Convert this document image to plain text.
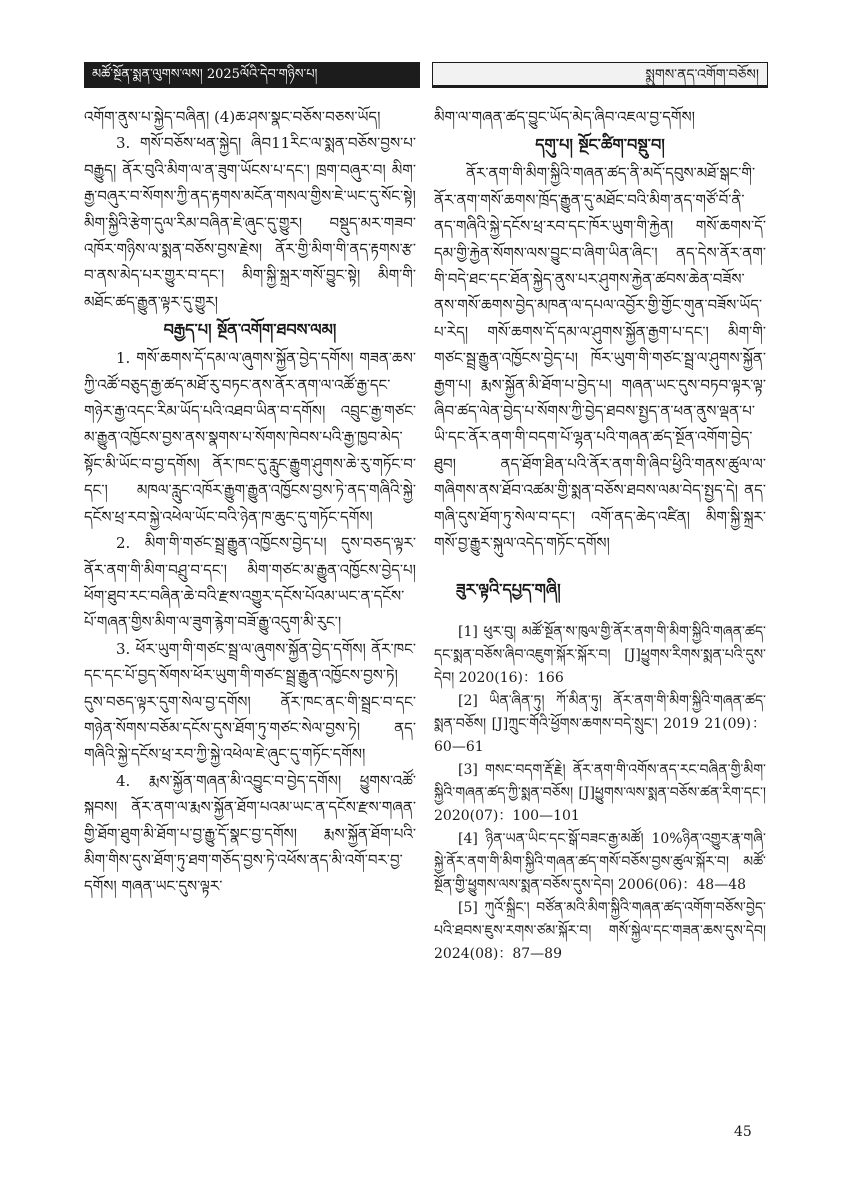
མཚོ་སྔོན་སྨན་ལུགས་ལས། 2025ལོའི་དེབ་གཉིས་པ།	སྨུགས་ནད་འགོག་བཅོས།

འགོག་ནུས་པ་སྐྱེད་བཞིན། (4)ཆ་ཤས་སྣང་བཅོས་བཅས་ཡོད།

3. གསོ་བཅོས་ཕན་སྐྱེད། ཞིབ11རིང་ལ་སྨན་བཅོས་བྱས་པ་བརྒྱུད། ནོར་བུའི་མིག་ལ་ན་ཟུག་ཡོངས་པ་དང་། ཁྲག་བཞུར་བ། མིག་རྒྱ་བཞུར་བ་སོགས་ཀྱི་ནད་རྟགས་མངོན་གསལ་གྱིས་ཇེ་ཡང་དུ་སོང་སྟེ། མིག་སྐྱིའི་རྩེག་དུལ་རིམ་བཞིན་ཇེ་ཞུང་དུ་གྱུར། བསྡུད་མར་གཟབ་འཁོར་གཉིས་ལ་སྨན་བཅོས་བྱས་རྗེས། ནོར་གྱི་མིག་གི་ནད་རྟགས་རྩ་བ་ནས་མེད་པར་གྱུར་བ་དང་། མིག་སྐྱི་སྐྲར་གསོ་བྱུང་སྟེ། མིག་གི་མཐོང་ཚད་རྒྱུན་ལྟར་དུ་གྱུར།

བརྒྱད་པ། སྔོན་འགོག་ཐབས་ལམ།

1. གསོ་ཆགས་དོ་དམ་ལ་ཞུགས་སྐྱོན་བྱེད་དགོས། གཟན་ཆས་ཀྱི་འཚོ་བཅུད་རྒྱ་ཚད་མཐོ་རུ་བཏང་ནས་ནོར་ནག་ལ་འཚོ་རྒྱ་དང་གཉེར་རྒྱ་འདང་རིམ་ཡོད་པའི་འཐབ་ཡིན་བ་དགོས། འབྲུང་རྒྱ་གཙང་མ་རྒྱུན་འཁྱོངས་བྱས་ནས་སྣགས་པ་སོགས་ཁེབས་པའི་རྒྱ་ཁྱབ་མེད་སྟོང་མི་ཡོང་བ་བྱ་དགོས། ནོར་ཁང་དུ་རླུང་རྒྱུག་ཤུགས་ཆེ་རུ་གཏོང་བ་དང་། མཁལ་རླུང་འཁོར་རྒྱུག་རྒྱུན་འཁྱོངས་བྱས་ཏེ་ནད་གཞིའི་སྐྱེ་དངོས་ཕྲ་རབ་སྐྱེ་འཕེལ་ཡོང་བའི་ཉེན་ཁ་ཆུང་དུ་གཏོང་དགོས།

2. མིག་གི་གཙང་སྦྲ་རྒྱུན་འཁྱོངས་བྱེད་པ། དུས་བཅད་ལྟར་ནོར་ནག་གི་མིག་བཤྲུ་བ་དང་། མིག་གཙང་མ་རྒྱུན་འཁྱོངས་བྱེད་པ། ཕོག་ཐུབ་རང་བཞིན་ཆེ་བའི་རྫས་འགྱུར་དངོས་པོའམ་ཡང་ན་དངོས་པོ་གཞན་གྱིས་མིག་ལ་ཟུག་རྙེག་བཟོ་རྒྱུ་འདུག་མི་རུང་།

3. ཕོར་ཡུག་གི་གཙང་སྦྲ་ལ་ཞུགས་སྐྱོན་བྱེད་དགོས། ནོར་ཁང་དང་དང་པོ་བྱད་སོགས་ཕོར་ཡུག་གི་གཙང་སྦྲ་རྒྱུན་འཁྱོངས་བྱས་ཏེ། དུས་བཅད་ལྟར་དུག་སེལ་བྱ་དགོས། ནོར་ཁང་ནང་གི་སྦྲང་བ་དང་གཉེན་སོགས་བཅོམ་དངོས་དུས་ཐོག་ཏུ་གཙང་སེལ་བྱས་ཏེ། ནད་གཞིའི་སྐྱེ་དངོས་ཕྲ་རབ་ཀྱི་སྐྱེ་འཕེལ་ཇེ་ཞུང་དུ་གཏོང་དགོས།

4. རྨས་སྐྱོན་གཞན་མི་འབྱུང་བ་བྱེད་དགོས། ཕྱུགས་འཚོ་སྐབས། ནོར་ནག་ལ་རྨས་སྐྱོན་ཐོག་པའམ་ཡང་ན་དངོས་རྫས་གཞན་གྱི་ཐོག་ཐུག་མི་ཐོག་པ་བྱ་རྒྱུ་དོ་སྣང་བྱ་དགོས། རྨས་སྐྱོན་ཐོག་པའི་མིག་གིས་དུས་ཐོག་ཏུ་ཐག་གཅོད་བྱས་ཏེ་འཕོས་ནད་མི་འགོ་བར་བྱ་དགོས། གཞན་ཡང་དུས་ལྟར་

མིག་ལ་གཞན་ཚད་བྱུང་ཡོད་མེད་ཞིབ་འཇལ་བྱ་དགོས།

དགུ་པ། སྔོང་ཚིག་བསྡུ་བ།

ནོར་ནག་གི་མིག་སྐྱིའི་གཞན་ཚད་ནི་མདོ་དབུས་མཐོ་སྒང་གི་ནོར་ནག་གསོ་ཆགས་ཁྲོད་རྒྱུན་དུ་མཐོང་བའི་མིག་ནད་གཙོ་བོ་ནི་ནད་གཞིའི་སྐྱེ་དངོས་ཕྲ་རབ་དང་ཁོར་ཡུག་གི་རྐྱེན། གསོ་ཆགས་དོ་དམ་གྱི་རྐྱེན་སོགས་ལས་བྱུང་བ་ཞིག་ཡིན་ཞིང་། ནད་དེས་ནོར་ནག་གི་བདེ་ཐང་དང་ཐོན་སྐྱེད་ནུས་པར་ཤུགས་རྐྱེན་ཚབས་ཆེན་བཟོས་ནས་གསོ་ཆགས་བྱེད་མཁན་ལ་དཔལ་འབྱོར་གྱི་གྱོང་གུན་བཟོས་ཡོད་པ་རེད། གསོ་ཆགས་དོ་དམ་ལ་ཤུགས་སྐྱོན་རྒྱག་པ་དང་། མིག་གི་གཙང་སྦྲ་རྒྱུན་འཁྱོངས་བྱེད་པ། ཁོར་ཡུག་གི་གཙང་སྦྲ་ལ་ཤུགས་སྐྱོན་རྒྱག་པ། རྨས་སྐྱོན་མི་ཐོག་པ་བྱེད་པ། གཞན་ཡང་དུས་བཏབ་ལྟར་ལྟ་ཞིབ་ཚད་ལེན་བྱེད་པ་སོགས་ཀྱི་བྱེད་ཐབས་སྤྱད་ན་ཕན་ནུས་ལྡན་པ་ཡི་དང་ནོར་ནག་གི་བདག་པོ་ལྷན་པའི་གཞན་ཚད་སྔོན་འགོག་བྱེད་ཐུབ། ནད་ཐོག་ཐིན་པའི་ནོར་ནག་གི་ཞིབ་ཕྱིའི་གནས་ཚུལ་ལ་གཞིགས་ནས་ཐོབ་འཚམ་གྱི་སྨན་བཅོས་ཐབས་ལམ་བེད་སྤྱད་དེ། ནད་གཞི་དུས་ཐོག་ཏུ་སེལ་བ་དང་། འགོ་ནད་ཆེད་འཛིན། མིག་སྐྱི་སྐྲར་གསོ་བྱ་རྒྱུར་སྐུལ་འདེད་གཏོང་དགོས།

ཟུར་ལྟའི་དཔྱད་གཞི།

[1] ཕུར་བུ། མཚོ་སྔོན་ས་ཁུལ་གྱི་ནོར་ནག་གི་མིག་སྐྱིའི་གཞན་ཚད་དང་སྨན་བཅོས་ཞིབ་འཇུག་སྐོར་སྐོར་བ། [J]ཕྱུགས་རིགས་སྨན་པའི་དུས་དེབ། 2020(16)：166

[2] ཡིན་ཞིན་ཏུ། ཀོ་མིན་ཏུ། ནོར་ནག་གི་མིག་སྐྱིའི་གཞན་ཚད་སྨན་བཅོས། [J]ཀྲུང་གོའི་ཕྱོགས་ཆགས་བདེ་སྲུང་། 2019 21(09)：60—61

[3] གསང་བདག་རྡོ་རྗེ། ནོར་ནག་གི་འགོས་ནད་རང་བཞིན་གྱི་མིག་སྐྱིའི་གཞན་ཚད་ཀྱི་སྨན་བཅོས། [J]ཕྱུགས་ལས་སྨན་བཅོས་ཚན་རིག་དང་། 2020(07)：100—101

[4] ཉིན་ཡན་ཡིང་དང་སྒོ་བཟང་རྒྱ་མཚོ། 10%ཉིན་འགྱུར་རྣ་གཞི་སྐྱེ་ནོར་ནག་གི་མིག་སྐྱིའི་གཞན་ཚད་གསོ་བཅོས་བྱས་ཚུལ་སྐོར་བ། མཚོ་སྔོན་གྱི་ཕྱུགས་ལས་སྨན་བཅོས་དུས་དེབ། 2006(06)：48—48

[5] ཀུའོ་སྐྲིང་། བཙོན་མའི་མིག་སྐྱིའི་གཞན་ཚད་འགོག་བཅོས་བྱེད་པའི་ཐབས་ཇུས་རགས་ཙམ་སྐོར་བ། གསོ་སྐྱེལ་དང་གཟན་ཆས་དུས་དེབ། 2024(08)：87—89

45
